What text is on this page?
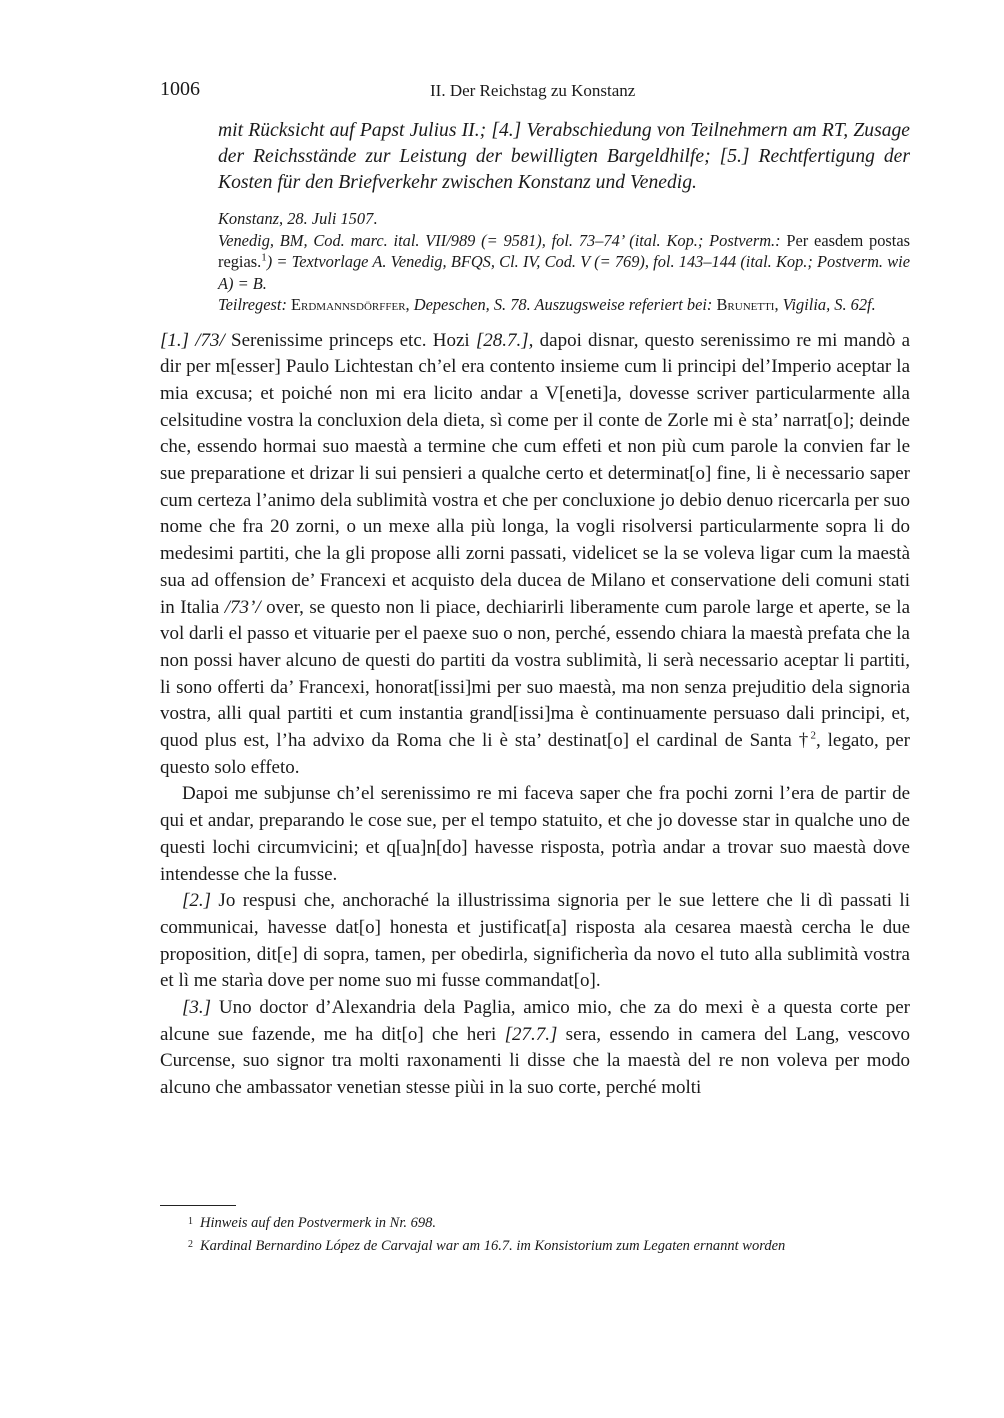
1006	II. Der Reichstag zu Konstanz
mit Rücksicht auf Papst Julius II.; [4.] Verabschiedung von Teilnehmern am RT, Zusage der Reichsstände zur Leistung der bewilligten Bargeldhilfe; [5.] Rechtfertigung der Kosten für den Briefverkehr zwischen Konstanz und Venedig.

Konstanz, 28. Juli 1507.

Venedig, BM, Cod. marc. ital. VII/989 (= 9581), fol. 73–74’ (ital. Kop.; Postverm.: Per easdem postas regias.$^1$) = Textvorlage A. Venedig, BFQS, Cl. IV, Cod. V (= 769), fol. 143–144 (ital. Kop.; Postverm. wie A) = B.

Teilregest: Erdmannsdörffer, Depeschen, S. 78. Auszugsweise referiert bei: Brunetti, Vigilia, S. 62f.

[1.] /73/ Serenissime princeps etc. Hozi [28.7.], dapoi disnar, questo serenissimo re mi mandò a dir per m[esser] Paulo Lichtestan ch’el era contento insieme cum li principi del’Imperio aceptar la mia excusa; et poiché non mi era licito andar a V[eneti]a, dovesse scriver particularmente alla celsitudine vostra la concluxion dela dieta, sì come per il conte de Zorle mi è sta’ narrat[o]; deinde che, essendo hormai suo maestà a termine che cum effeti et non più cum parole la convien far le sue preparatione et drizar li sui pensieri a qualche certo et determinat[o] fine, li è necessario saper cum certeza l’animo dela sublimità vostra et che per concluxione jo debio denuo ricercarla per suo nome che fra 20 zorni, o un mexe alla più longa, la vogli risolversi particularmente sopra li do medesimi partiti, che la gli propose alli zorni passati, videlicet se la se voleva ligar cum la maestà sua ad offension de’ Francexi et acquisto dela ducea de Milano et conservatione deli comuni stati in Italia /73’/ over, se questo non li piace, dechiarirli liberamente cum parole large et aperte, se la vol darli el passo et vituarie per el paexe suo o non, perché, essendo chiara la maestà prefata che la non possi haver alcuno de questi do partiti da vostra sublimità, li serà necessario aceptar li partiti, li sono offerti da’ Francexi, honorat[issi]mi per suo maestà, ma non senza prejuditio dela signoria vostra, alli qual partiti et cum instantia grand[issi]ma è continuamente persuaso dali principi, et, quod plus est, l’ha advixo da Roma che li è sta’ destinat[o] el cardinal de Santa †$^2$, legato, per questo solo effeto.

Dapoi me subjunse ch’el serenissimo re mi faceva saper che fra pochi zorni l’era de partir de qui et andar, preparando le cose sue, per el tempo statuito, et che jo dovesse star in qualche uno de questi lochi circumvicini; et q[ua]n[do] havesse risposta, potrìa andar a trovar suo maestà dove intendesse che la fusse.

[2.] Jo respusi che, anchoraché la illustrissima signoria per le sue lettere che li dì passati li communicai, havesse dat[o] honesta et justificat[a] risposta ala cesarea maestà cercha le due proposition, dit[e] di sopra, tamen, per obedirla, significherìa da novo el tuto alla sublimità vostra et lì me starìa dove per nome suo mi fusse commandat[o].

[3.] Uno doctor d’Alexandria dela Paglia, amico mio, che za do mexi è a questa corte per alcune sue fazende, me ha dit[o] che heri [27.7.] sera, essendo in camera del Lang, vescovo Curcense, suo signor tra molti raxonamenti li disse che la maestà del re non voleva per modo alcuno che ambassator venetian stesse piùi in la suo corte, perché molti

1 Hinweis auf den Postvermerk in Nr. 698.

2 Kardinal Bernardino López de Carvajal war am 16.7. im Konsistorium zum Legaten ernannt worden
